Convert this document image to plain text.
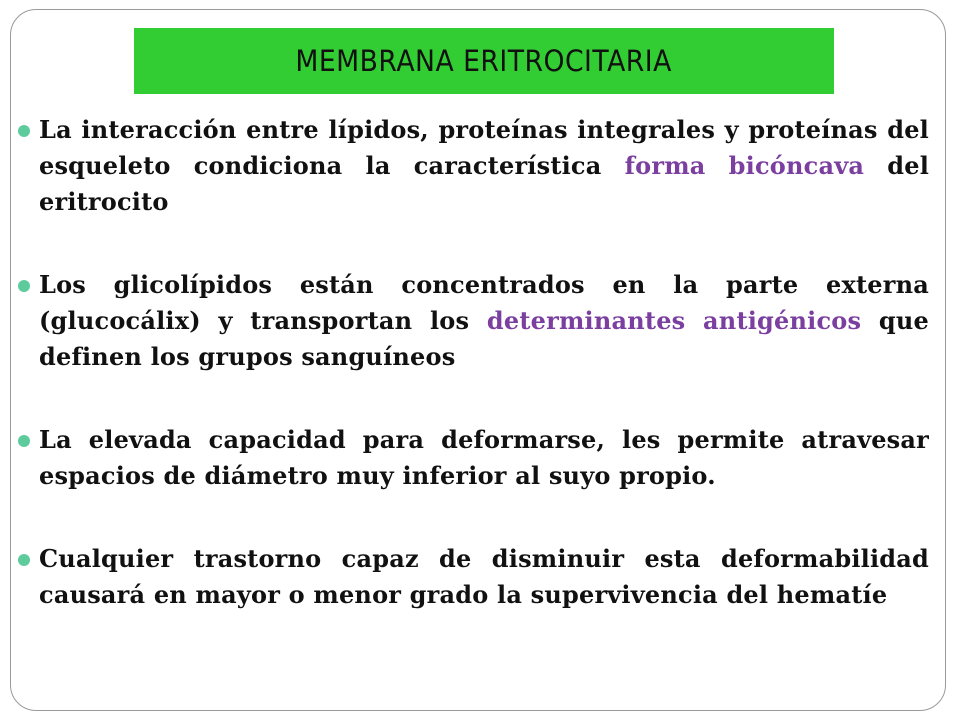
MEMBRANA ERITROCITARIA
La interacción entre lípidos, proteínas integrales y proteínas del esqueleto condiciona la característica forma bicóncava del eritrocito
Los glicolípidos están concentrados en la parte externa (glucocálix) y transportan los determinantes antigénicos que definen los grupos sanguíneos
La elevada capacidad para deformarse, les permite atravesar espacios de diámetro muy inferior al suyo propio.
Cualquier trastorno capaz de disminuir esta deformabilidad causará en mayor o menor grado la supervivencia del hematíe
